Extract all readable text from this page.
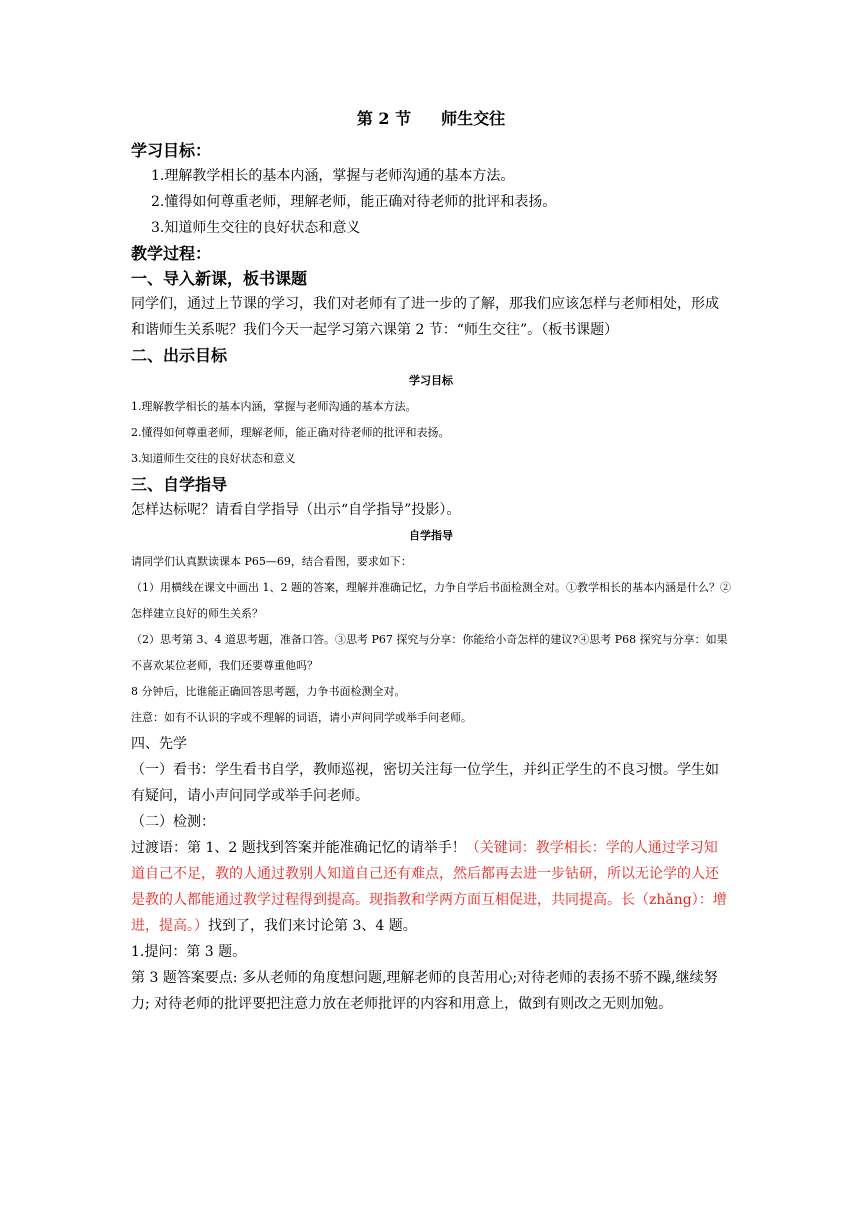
第 2 节 师生交往

学习目标：

1.理解教学相长的基本内涵，掌握与老师沟通的基本方法。

2.懂得如何尊重老师，理解老师，能正确对待老师的批评和表扬。

3.知道师生交往的良好状态和意义

教学过程：

一、导入新课，板书课题

同学们，通过上节课的学习，我们对老师有了进一步的了解，那我们应该怎样与老师相处，形成和谐师生关系呢？我们今天一起学习第六课第 2 节：“师生交往”。（板书课题）

二、出示目标

学习目标

1.理解教学相长的基本内涵，掌握与老师沟通的基本方法。

2.懂得如何尊重老师，理解老师，能正确对待老师的批评和表扬。

3.知道师生交往的良好状态和意义

三、自学指导

怎样达标呢？请看自学指导（出示“自学指导”投影）。

自学指导

请同学们认真默读课本 P65—69，结合看图，要求如下：

（1）用横线在课文中画出 1、2 题的答案，理解并准确记忆，力争自学后书面检测全对。①教学相长的基本内涵是什么？②怎样建立良好的师生关系？

（2）思考第 3、4 道思考题，准备口答。③思考 P67 探究与分享：你能给小奇怎样的建议?④思考 P68 探究与分享：如果不喜欢某位老师，我们还要尊重他吗？

8 分钟后，比谁能正确回答思考题，力争书面检测全对。

注意：如有不认识的字或不理解的词语，请小声问同学或举手问老师。

四、先学

（一）看书：学生看书自学，教师巡视，密切关注每一位学生，并纠正学生的不良习惯。学生如有疑问，请小声问同学或举手问老师。

（二）检测：

过渡语：第 1、2 题找到答案并能准确记忆的请举手！（关键词：教学相长：学的人通过学习知道自己不足，教的人通过教别人知道自己还有难点，然后都再去进一步钻研，所以无论学的人还是教的人都能通过教学过程得到提高。现指教和学两方面互相促进，共同提高。长（zhǎng）：增进，提高。）找到了，我们来讨论第 3、4 题。

1.提问：第 3 题。

第 3 题答案要点: 多从老师的角度想问题,理解老师的良苦用心;对待老师的表扬不骄不躁,继续努力; 对待老师的批评要把注意力放在老师批评的内容和用意上，做到有则改之无则加勉。
